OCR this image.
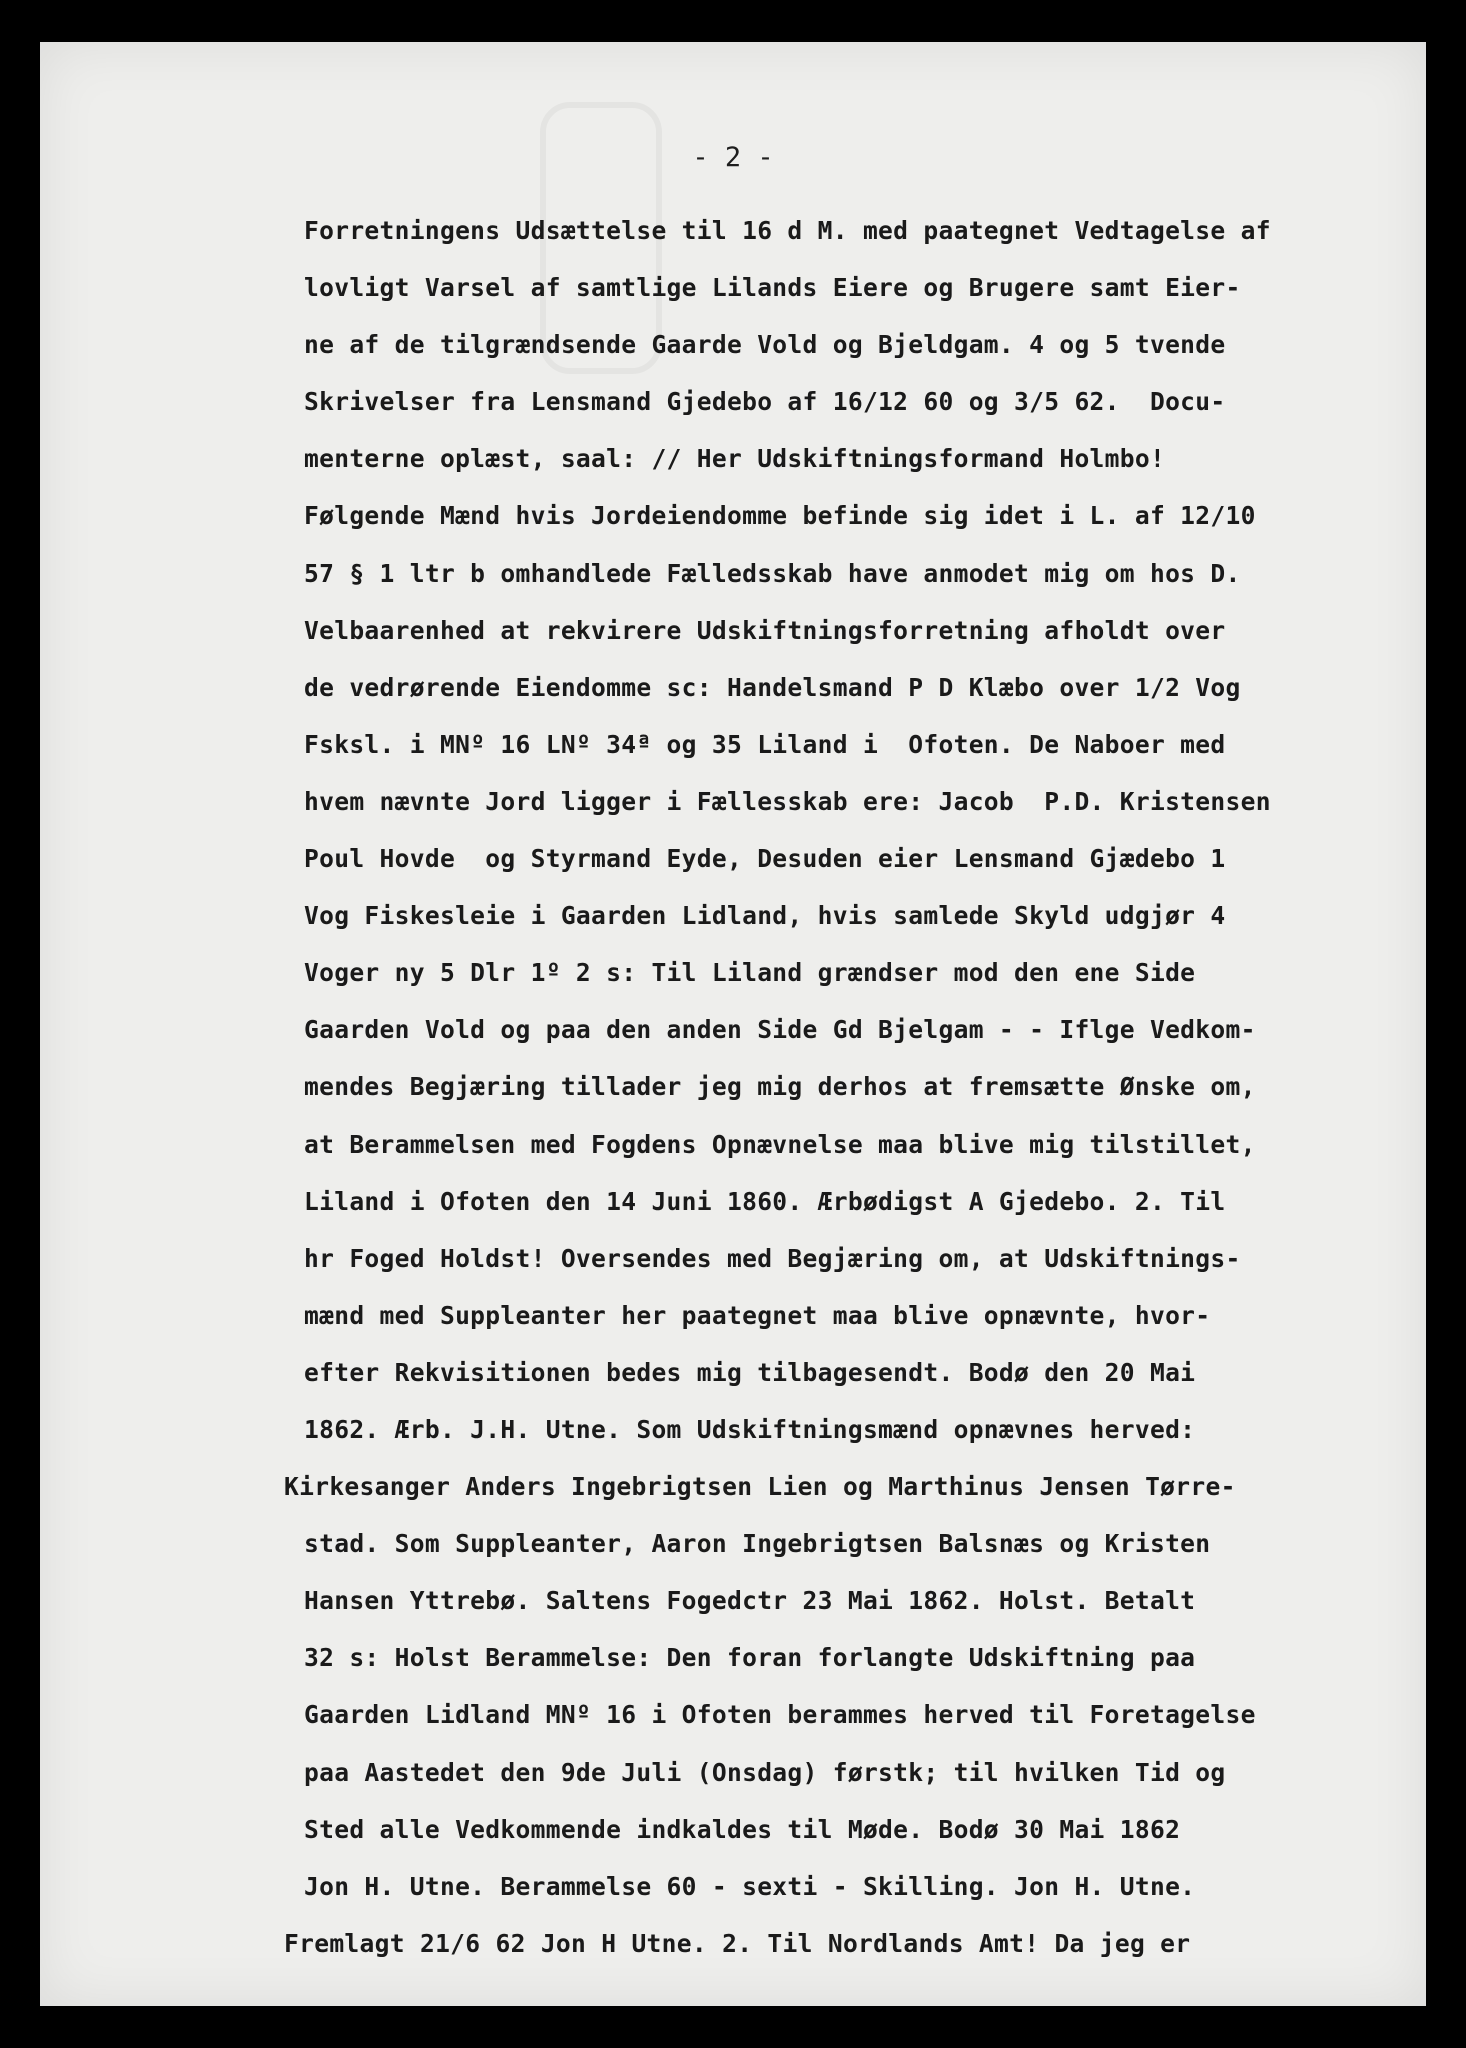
- 2 -
Forretningens Udsættelse til 16 d M. med paategnet Vedtagelse af
lovligt Varsel af samtlige Lilands Eiere og Brugere samt Eier-
ne af de tilgrændsende Gaarde Vold og Bjeldgam. 4 og 5 tvende
Skrivelser fra Lensmand Gjedebo af 16/12 60 og 3/5 62.  Docu-
menterne oplæst, saal: // Her Udskiftningsformand Holmbo!
Følgende Mænd hvis Jordeiendomme befinde sig idet i L. af 12/10
57 § 1 ltr b omhandlede Fælledsskab have anmodet mig om hos D.
Velbaarenhed at rekvirere Udskiftningsforretning afholdt over
de vedrørende Eiendomme sc: Handelsmand P D Klæbo over 1/2 Vog
Fsksl. i MNº 16 LNº 34ª og 35 Liland i  Ofoten. De Naboer med
hvem nævnte Jord ligger i Fællesskab ere: Jacob  P.D. Kristensen
Poul Hovde  og Styrmand Eyde, Desuden eier Lensmand Gjædebo 1
Vog Fiskesleie i Gaarden Lidland, hvis samlede Skyld udgjør 4
Voger ny 5 Dlr 1º 2 s: Til Liland grændser mod den ene Side
Gaarden Vold og paa den anden Side Gd Bjelgam - - Iflge Vedkom-
mendes Begjæring tillader jeg mig derhos at fremsætte Ønske om,
at Berammelsen med Fogdens Opnævnelse maa blive mig tilstillet,
Liland i Ofoten den 14 Juni 1860. Ærbødigst A Gjedebo. 2. Til
hr Foged Holdst! Oversendes med Begjæring om, at Udskiftnings-
mænd med Suppleanter her paategnet maa blive opnævnte, hvor-
efter Rekvisitionen bedes mig tilbagesendt. Bodø den 20 Mai
1862. Ærb. J.H. Utne. Som Udskiftningsmænd opnævnes herved:
Kirkesanger Anders Ingebrigtsen Lien og Marthinus Jensen Tørre-
stad. Som Suppleanter, Aaron Ingebrigtsen Balsnæs og Kristen
Hansen Yttrebø. Saltens Fogedctr 23 Mai 1862. Holst. Betalt
32 s: Holst Berammelse: Den foran forlangte Udskiftning paa
Gaarden Lidland MNº 16 i Ofoten berammes herved til Foretagelse
paa Aastedet den 9de Juli (Onsdag) førstk; til hvilken Tid og
Sted alle Vedkommende indkaldes til Møde. Bodø 30 Mai 1862
Jon H. Utne. Berammelse 60 - sexti - Skilling. Jon H. Utne.
Fremlagt 21/6 62 Jon H Utne. 2. Til Nordlands Amt! Da jeg er
